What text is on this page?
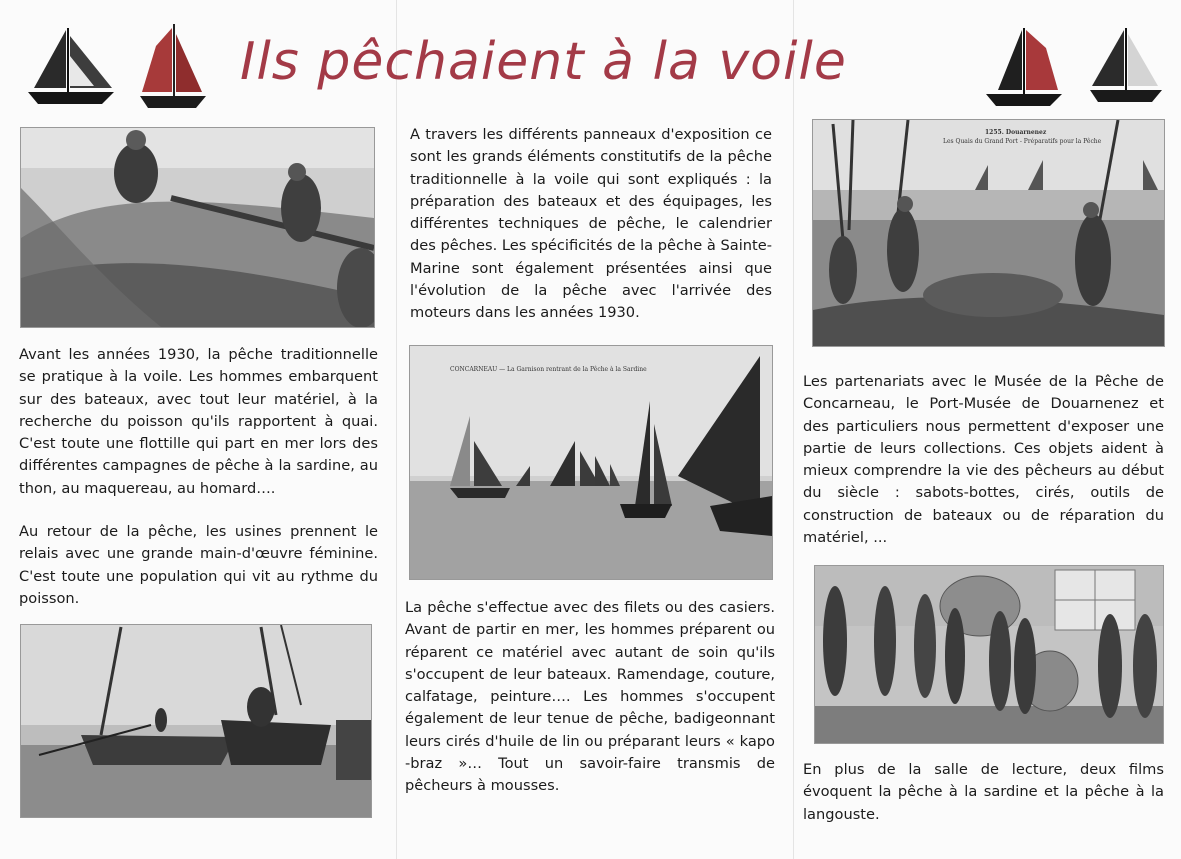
Ils pêchaient à la voile

Avant les années 1930, la pêche traditionnelle se pratique à la voile. Les hommes embarquent sur des bateaux, avec tout leur matériel, à la recherche du poisson qu'ils rapportent à quai. C'est toute une flottille qui part en mer lors des différentes campagnes de pêche à la sardine, au thon, au maquereau, au homard….

Au retour de la pêche, les usines prennent le relais avec une grande main-d'œuvre féminine. C'est toute une population qui vit au rythme du poisson.

A travers les différents panneaux d'exposition ce sont les grands éléments constitutifs de la pêche traditionnelle à la voile qui sont expliqués : la préparation des bateaux et des équipages, les différentes techniques de pêche, le calendrier des pêches. Les spécificités de la pêche à Sainte-Marine sont également présentées ainsi que l'évolution de la pêche avec l'arrivée des moteurs dans les années 1930.

CONCARNEAU — La Garnison rentrant de la Pêche à la Sardine

La pêche s'effectue avec des filets ou des casiers. Avant de partir en mer, les hommes préparent ou réparent ce matériel avec autant de soin qu'ils s'occupent de leur bateaux. Ramendage, couture, calfatage, peinture…. Les hommes s'occupent également de leur tenue de pêche, badigeonnant leurs cirés d'huile de lin ou préparant leurs « kapo -braz »… Tout un savoir-faire transmis de pêcheurs à mousses.

1255. Douarnenez
Les Quais du Grand Port - Préparatifs pour la Pêche

Les partenariats avec le Musée de la Pêche de Concarneau, le Port-Musée de Douarnenez et des particuliers nous permettent d'exposer une partie de leurs collections. Ces objets aident à mieux comprendre la vie des pêcheurs au début du siècle : sabots-bottes, cirés, outils de construction de bateaux ou de réparation du matériel, ...

En plus de la salle de lecture, deux films évoquent la pêche à la sardine et la pêche à la langouste.
